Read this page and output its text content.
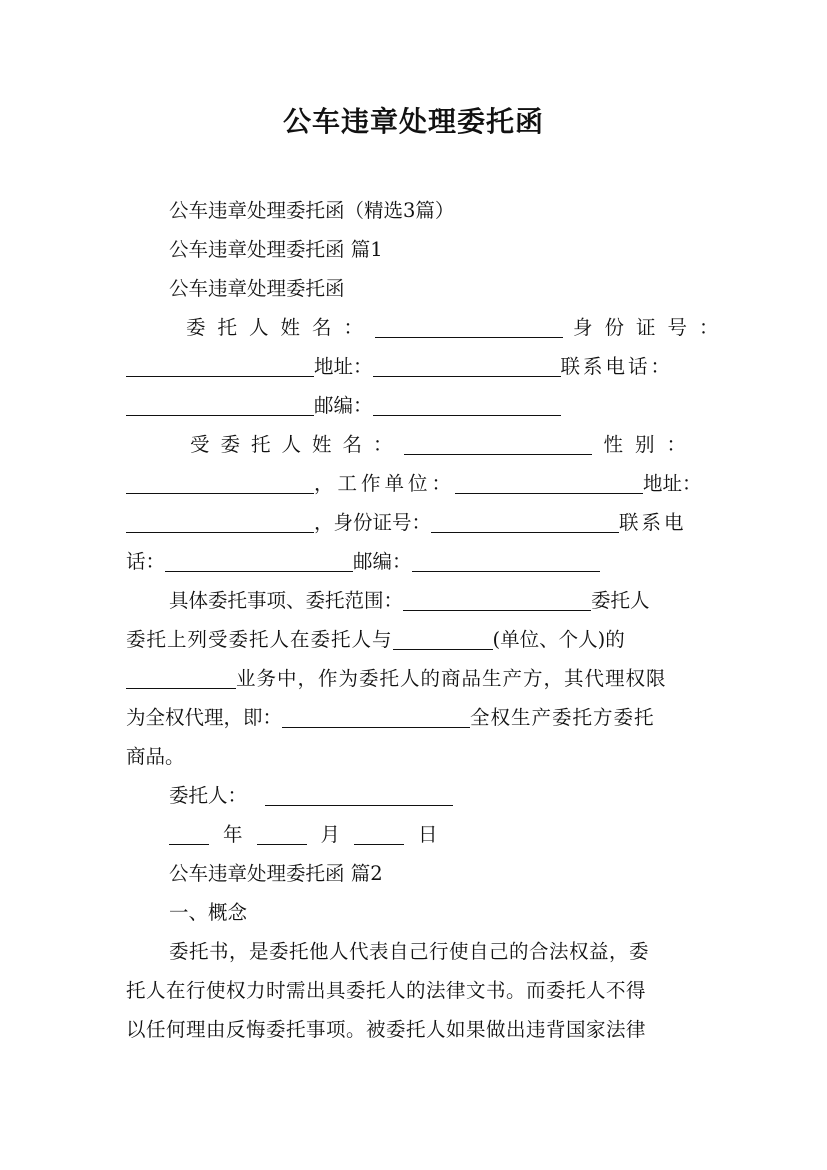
公车违章处理委托函
公车违章处理委托函（精选3篇）
公车违章处理委托函 篇1
公车违章处理委托函
委托人姓名：	身份证号：
地址：	联系电话：
邮编：
受委托人姓名：	性别：
，工作单位：	地址：
，身份证号：	联系电
话：	邮编：
具体委托事项、委托范围：	委托人
委托上列受委托人在委托人与	(单位、个人)的
业务中，作为委托人的商品生产方，其代理权限
为全权代理，即：	全权生产委托方委托
商品。
委托人：
年	月	日
公车违章处理委托函 篇2
一、概念
委托书，是委托他人代表自己行使自己的合法权益，委
托人在行使权力时需出具委托人的法律文书。而委托人不得
以任何理由反悔委托事项。被委托人如果做出违背国家法律
